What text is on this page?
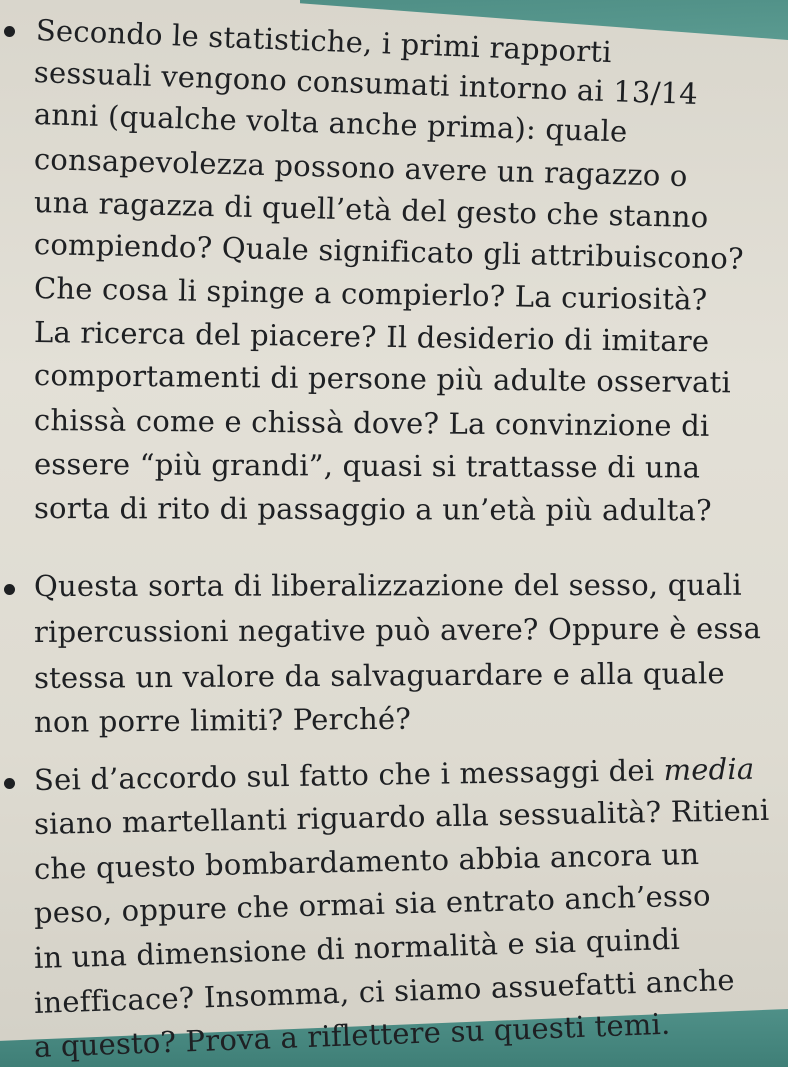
Secondo le statistiche, i primi rapporti
sessuali vengono consumati intorno ai 13/14
anni (qualche volta anche prima): quale
consapevolezza possono avere un ragazzo o
una ragazza di quell’età del gesto che stanno
compiendo? Quale significato gli attribuiscono?
Che cosa li spinge a compierlo? La curiosità?
La ricerca del piacere? Il desiderio di imitare
comportamenti di persone più adulte osservati
chissà come e chissà dove? La convinzione di
essere “più grandi”, quasi si trattasse di una
sorta di rito di passaggio a un’età più adulta?
Questa sorta di liberalizzazione del sesso, quali
ripercussioni negative può avere? Oppure è essa
stessa un valore da salvaguardare e alla quale
non porre limiti? Perché?
Sei d’accordo sul fatto che i messaggi dei media
siano martellanti riguardo alla sessualità? Ritieni
che questo bombardamento abbia ancora un
peso, oppure che ormai sia entrato anch’esso
in una dimensione di normalità e sia quindi
inefficace? Insomma, ci siamo assuefatti anche
a questo? Prova a riflettere su questi temi.
